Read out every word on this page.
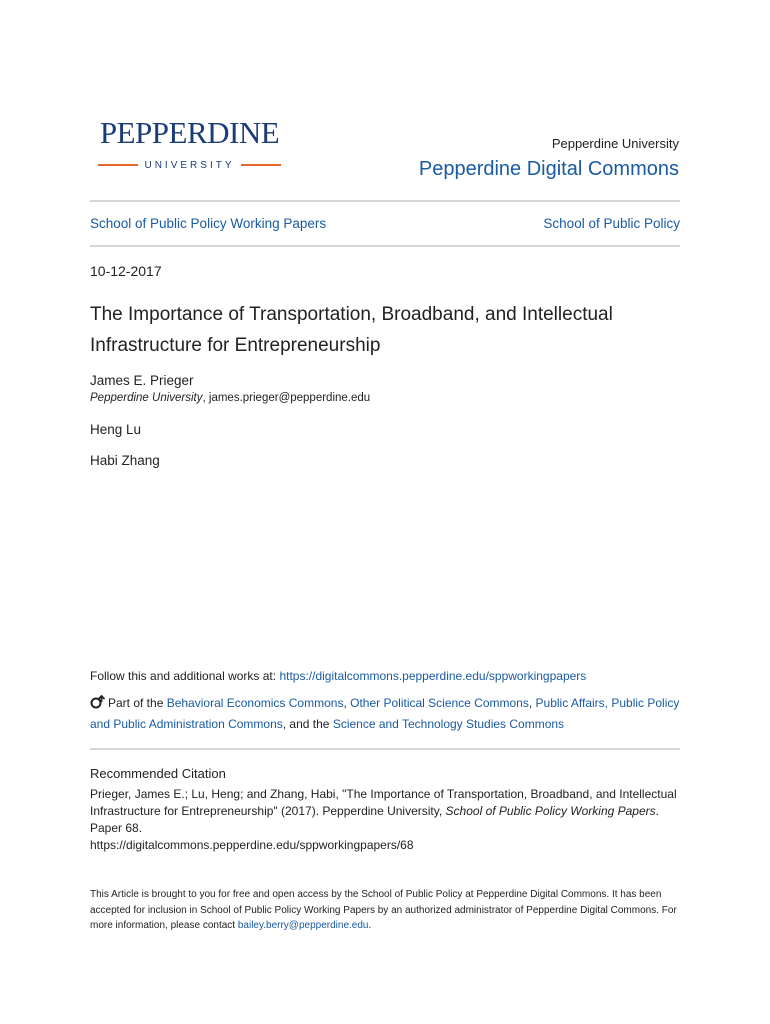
PEPPERDINE
UNIVERSITY
Pepperdine University
Pepperdine Digital Commons
School of Public Policy Working Papers	School of Public Policy
10-12-2017
The Importance of Transportation, Broadband, and Intellectual Infrastructure for Entrepreneurship
James E. Prieger
Pepperdine University, james.prieger@pepperdine.edu
Heng Lu
Habi Zhang
Follow this and additional works at: https://digitalcommons.pepperdine.edu/sppworkingpapers
Part of the Behavioral Economics Commons, Other Political Science Commons, Public Affairs, Public Policy and Public Administration Commons, and the Science and Technology Studies Commons
Recommended Citation
Prieger, James E.; Lu, Heng; and Zhang, Habi, "The Importance of Transportation, Broadband, and Intellectual Infrastructure for Entrepreneurship" (2017). Pepperdine University, School of Public Policy Working Papers. Paper 68.
https://digitalcommons.pepperdine.edu/sppworkingpapers/68
This Article is brought to you for free and open access by the School of Public Policy at Pepperdine Digital Commons. It has been accepted for inclusion in School of Public Policy Working Papers by an authorized administrator of Pepperdine Digital Commons. For more information, please contact bailey.berry@pepperdine.edu.
